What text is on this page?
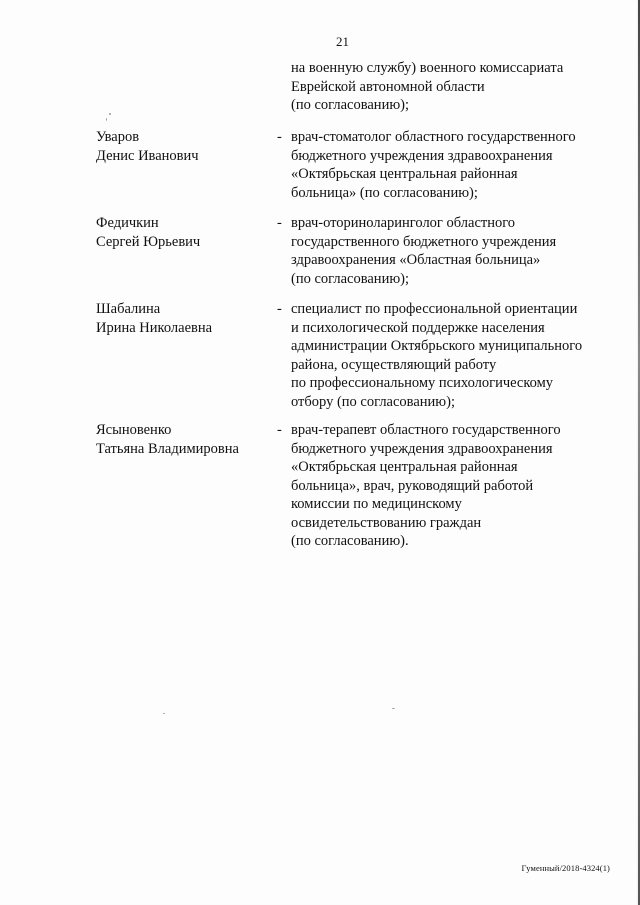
21
на военную службу) военного комиссариата
Еврейской автономной области
(по согласованию);
Уваров
Денис Иванович
- врач-стоматолог областного государственного
бюджетного учреждения здравоохранения
«Октябрьская центральная районная
больница» (по согласованию);
Федичкин
Сергей Юрьевич
- врач-оториноларинголог областного
государственного бюджетного учреждения
здравоохранения «Областная больница»
(по согласованию);
Шабалина
Ирина Николаевна
- специалист по профессиональной ориентации
и психологической поддержке населения
администрации Октябрьского муниципального
района, осуществляющий работу
по профессиональному психологическому
отбору (по согласованию);
Ясыновенко
Татьяна Владимировна
- врач-терапевт областного государственного
бюджетного учреждения здравоохранения
«Октябрьская центральная районная
больница», врач, руководящий работой
комиссии по медицинскому
освидетельствованию граждан
(по согласованию).
Гуменный/2018-4324(1)
